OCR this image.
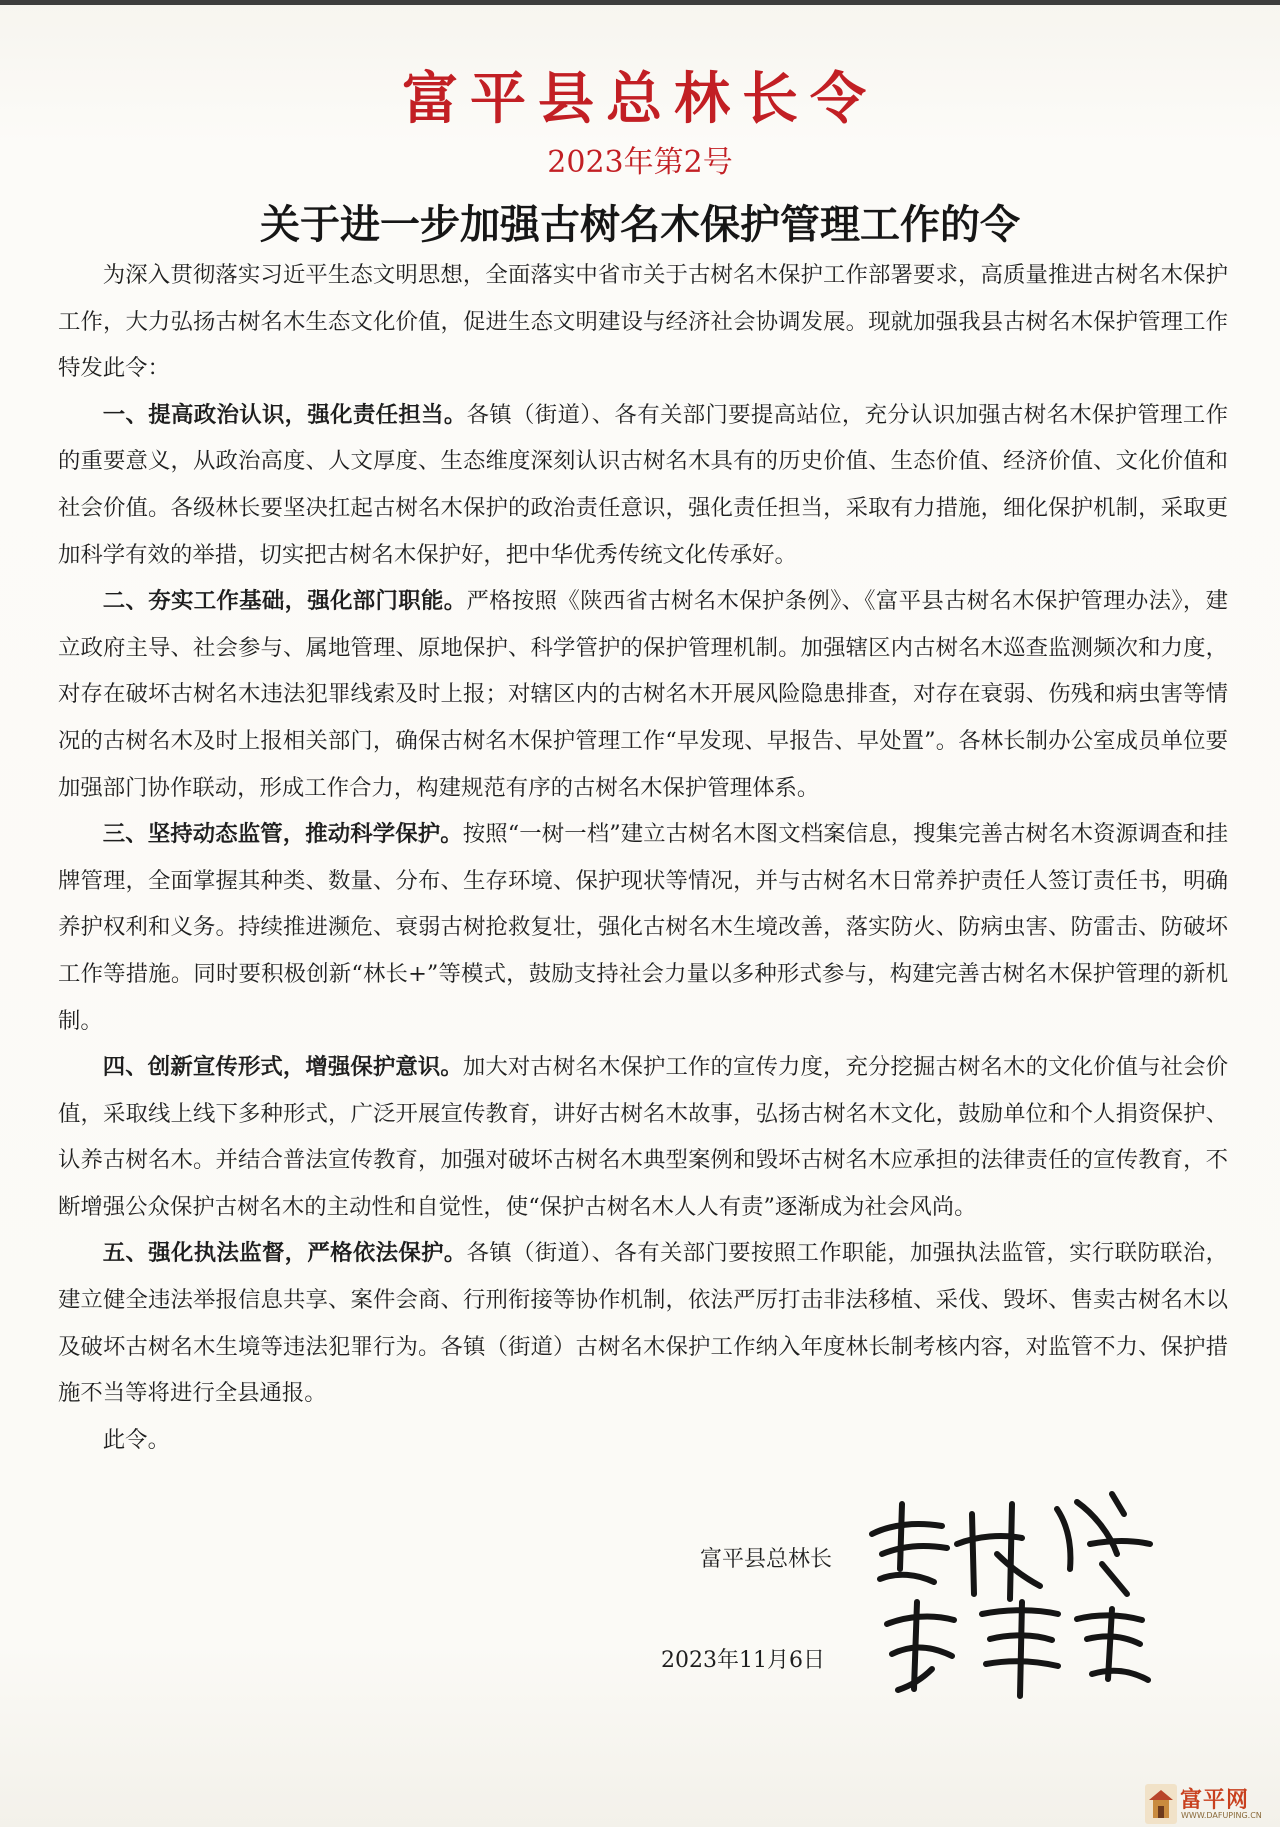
富平县总林长令
2023年第2号
关于进一步加强古树名木保护管理工作的令

为深入贯彻落实习近平生态文明思想，全面落实中省市关于古树名木保护工作部署要求，高质量推进古树名木保护工作，大力弘扬古树名木生态文化价值，促进生态文明建设与经济社会协调发展。现就加强我县古树名木保护管理工作特发此令：

一、提高政治认识，强化责任担当。各镇（街道）、各有关部门要提高站位，充分认识加强古树名木保护管理工作的重要意义，从政治高度、人文厚度、生态维度深刻认识古树名木具有的历史价值、生态价值、经济价值、文化价值和社会价值。各级林长要坚决扛起古树名木保护的政治责任意识，强化责任担当，采取有力措施，细化保护机制，采取更加科学有效的举措，切实把古树名木保护好，把中华优秀传统文化传承好。

二、夯实工作基础，强化部门职能。严格按照《陕西省古树名木保护条例》、《富平县古树名木保护管理办法》，建立政府主导、社会参与、属地管理、原地保护、科学管护的保护管理机制。加强辖区内古树名木巡查监测频次和力度，对存在破坏古树名木违法犯罪线索及时上报；对辖区内的古树名木开展风险隐患排查，对存在衰弱、伤残和病虫害等情况的古树名木及时上报相关部门，确保古树名木保护管理工作“早发现、早报告、早处置”。各林长制办公室成员单位要加强部门协作联动，形成工作合力，构建规范有序的古树名木保护管理体系。

三、坚持动态监管，推动科学保护。按照“一树一档”建立古树名木图文档案信息，搜集完善古树名木资源调查和挂牌管理，全面掌握其种类、数量、分布、生存环境、保护现状等情况，并与古树名木日常养护责任人签订责任书，明确养护权利和义务。持续推进濒危、衰弱古树抢救复壮，强化古树名木生境改善，落实防火、防病虫害、防雷击、防破坏工作等措施。同时要积极创新“林长+”等模式，鼓励支持社会力量以多种形式参与，构建完善古树名木保护管理的新机制。

四、创新宣传形式，增强保护意识。加大对古树名木保护工作的宣传力度，充分挖掘古树名木的文化价值与社会价值，采取线上线下多种形式，广泛开展宣传教育，讲好古树名木故事，弘扬古树名木文化，鼓励单位和个人捐资保护、认养古树名木。并结合普法宣传教育，加强对破坏古树名木典型案例和毁坏古树名木应承担的法律责任的宣传教育，不断增强公众保护古树名木的主动性和自觉性，使“保护古树名木人人有责”逐渐成为社会风尚。

五、强化执法监督，严格依法保护。各镇（街道）、各有关部门要按照工作职能，加强执法监管，实行联防联治，建立健全违法举报信息共享、案件会商、行刑衔接等协作机制，依法严厉打击非法移植、采伐、毁坏、售卖古树名木以及破坏古树名木生境等违法犯罪行为。各镇（街道）古树名木保护工作纳入年度林长制考核内容，对监管不力、保护措施不当等将进行全县通报。

此令。

富平县总林长
2023年11月6日
富平网
WWW.DAFUPING.CN
